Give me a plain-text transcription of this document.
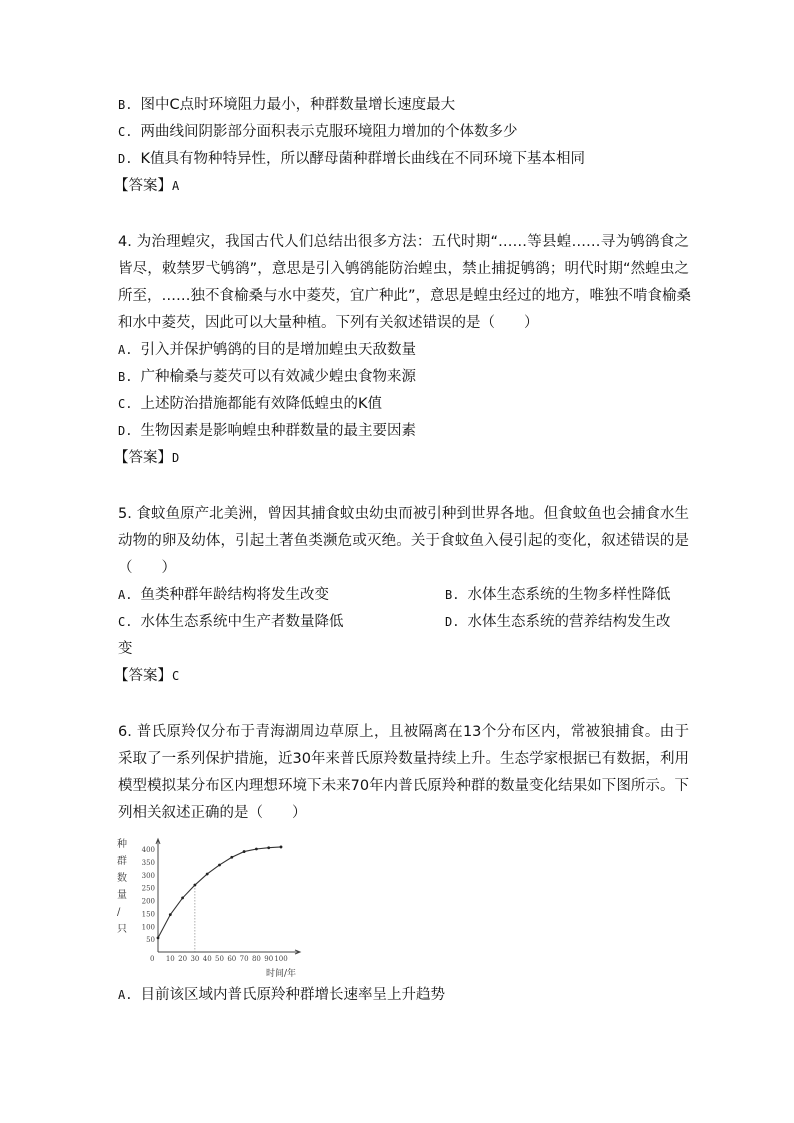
B. 图中C点时环境阻力最小，种群数量增长速度最大
C. 两曲线间阴影部分面积表示克服环境阻力增加的个体数多少
D. K值具有物种特异性，所以酵母菌种群增长曲线在不同环境下基本相同
【答案】A
4. 为治理蝗灾，我国古代人们总结出很多方法：五代时期“……等县蝗……寻为鸲鹆食之
皆尽，敕禁罗弋鸲鹆”，意思是引入鸲鹆能防治蝗虫，禁止捕捉鸲鹆；明代时期“然蝗虫之
所至，……独不食榆桑与水中菱芡，宜广种此”，意思是蝗虫经过的地方，唯独不啃食榆桑
和水中菱芡，因此可以大量种植。下列有关叙述错误的是（　　）
A. 引入并保护鸲鹆的目的是增加蝗虫天敌数量
B. 广种榆桑与菱芡可以有效减少蝗虫食物来源
C. 上述防治措施都能有效降低蝗虫的K值
D. 生物因素是影响蝗虫种群数量的最主要因素
【答案】D
5. 食蚊鱼原产北美洲，曾因其捕食蚊虫幼虫而被引种到世界各地。但食蚊鱼也会捕食水生
动物的卵及幼体，引起土著鱼类濒危或灭绝。关于食蚊鱼入侵引起的变化，叙述错误的是
（　　）
A. 鱼类种群年龄结构将发生改变	B. 水体生态系统的生物多样性降低
C. 水体生态系统中生产者数量降低	D. 水体生态系统的营养结构发生改
变
【答案】C
6. 普氏原羚仅分布于青海湖周边草原上，且被隔离在13个分布区内，常被狼捕食。由于
采取了一系列保护措施，近30年来普氏原羚数量持续上升。生态学家根据已有数据，利用
模型模拟某分布区内理想环境下未来70年内普氏原羚种群的数量变化结果如下图所示。下
列相关叙述正确的是（　　）
种
群
数
量
/
只
50
100
150
200
250
300
350
400
0 10 20 30 40 50 60 70 80 90 100
时间/年
A. 目前该区域内普氏原羚种群增长速率呈上升趋势
